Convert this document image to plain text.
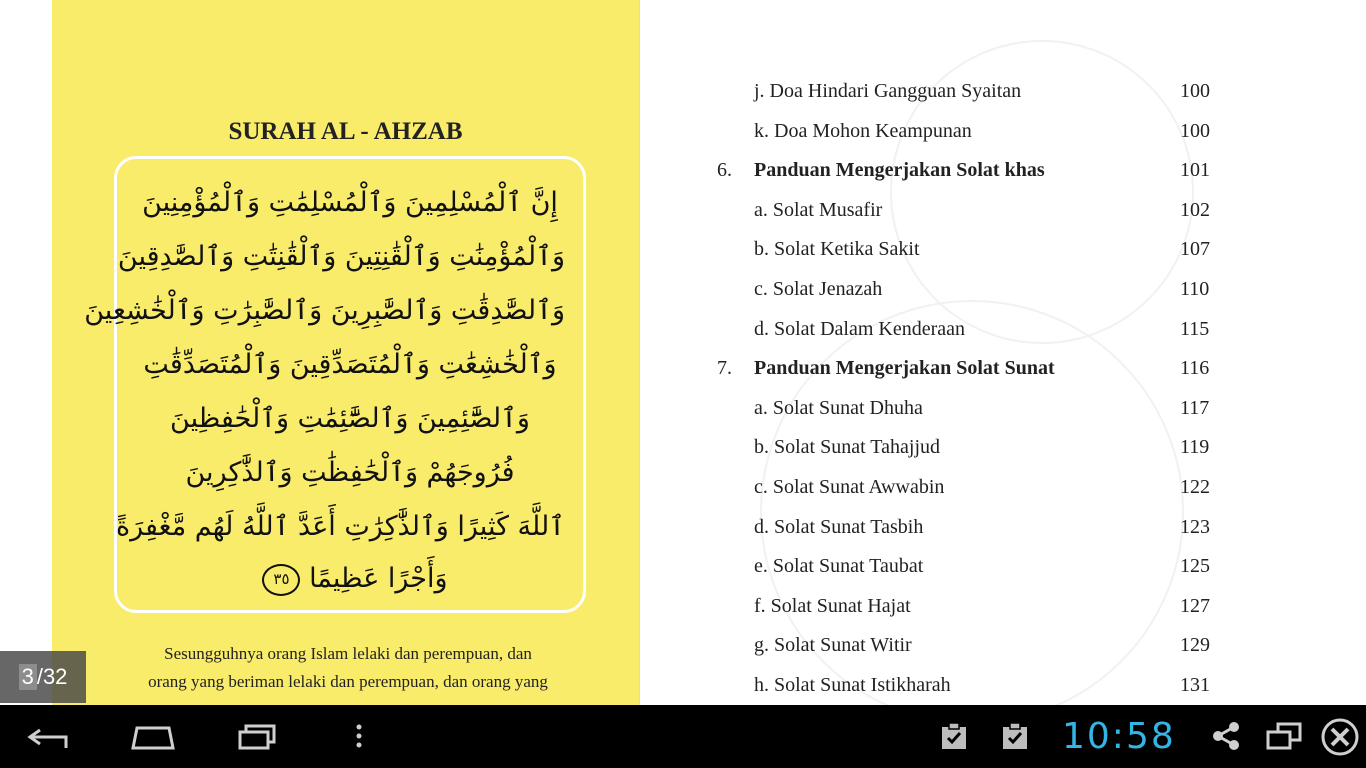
SURAH AL - AHZAB
إِنَّ ٱلْمُسْلِمِينَ وَٱلْمُسْلِمَٰتِ وَٱلْمُؤْمِنِينَ
وَٱلْمُؤْمِنَٰتِ وَٱلْقَٰنِتِينَ وَٱلْقَٰنِتَٰتِ وَٱلصَّٰدِقِينَ
وَٱلصَّٰدِقَٰتِ وَٱلصَّٰبِرِينَ وَٱلصَّٰبِرَٰتِ وَٱلْخَٰشِعِينَ
وَٱلْخَٰشِعَٰتِ وَٱلْمُتَصَدِّقِينَ وَٱلْمُتَصَدِّقَٰتِ
وَٱلصَّٰٓئِمِينَ وَٱلصَّٰٓئِمَٰتِ وَٱلْحَٰفِظِينَ
فُرُوجَهُمْ وَٱلْحَٰفِظَٰتِ وَٱلذَّٰكِرِينَ
ٱللَّهَ كَثِيرًا وَٱلذَّٰكِرَٰتِ أَعَدَّ ٱللَّهُ لَهُم مَّغْفِرَةً
وَأَجْرًا عَظِيمًا ٣٥
Sesungguhnya orang Islam lelaki dan perempuan, dan
orang yang beriman lelaki dan perempuan, dan orang yang
j. Doa Hindari Gangguan Syaitan	100
k. Doa Mohon Keampunan	100
6. Panduan Mengerjakan Solat khas	101
a. Solat Musafir	102
b. Solat Ketika Sakit	107
c. Solat Jenazah	110
d. Solat Dalam Kenderaan	115
7. Panduan Mengerjakan Solat Sunat	116
a. Solat Sunat Dhuha	117
b. Solat Sunat Tahajjud	119
c. Solat Sunat Awwabin	122
d. Solat Sunat Tasbih	123
e. Solat Sunat Taubat	125
f. Solat Sunat Hajat	127
g. Solat Sunat Witir	129
h. Solat Sunat Istikharah	131
3 /32
10:58
